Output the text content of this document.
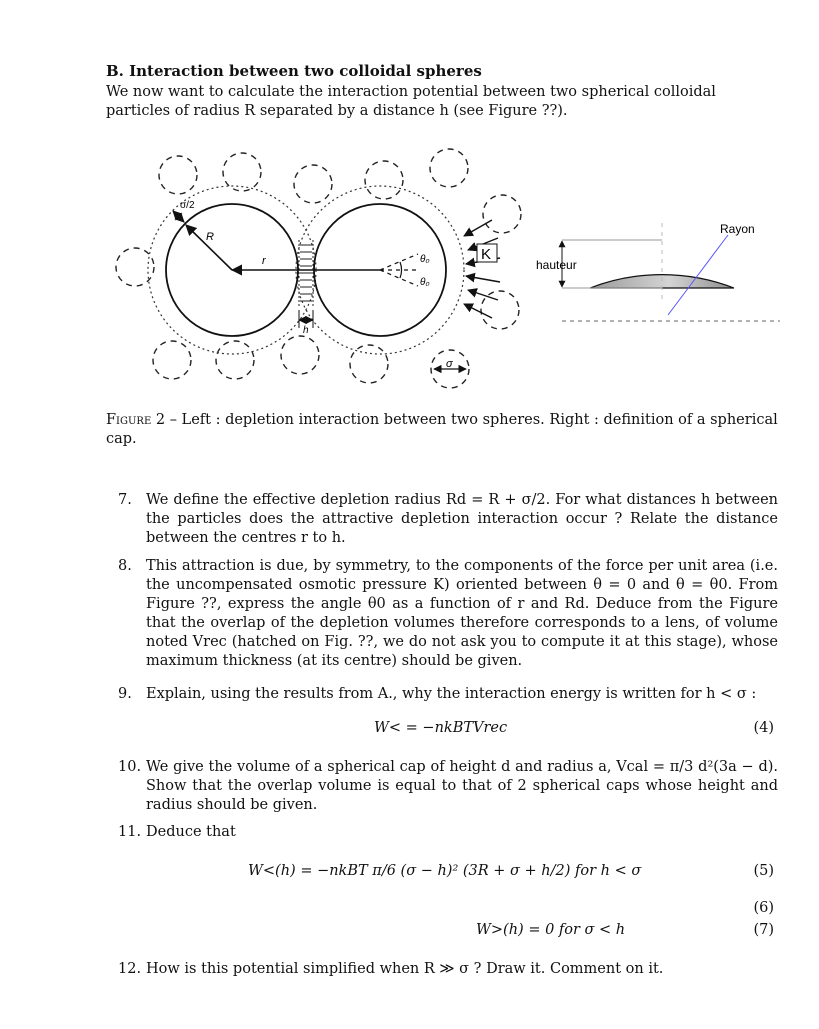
B. Interaction between two colloidal spheres
We now want to calculate the interaction potential between two spherical colloidal particles of radius R separated by a distance h (see Figure ??).
σ/2
R
r	θ₀
θ₀
K
h
σ
Rayon
hauteur
Figure 2 – Left : depletion interaction between two spheres. Right : definition of a spherical cap.
7. We define the effective depletion radius Rd = R + σ/2. For what distances h between the particles does the attractive depletion interaction occur ? Relate the distance between the centres r to h.
8. This attraction is due, by symmetry, to the components of the force per unit area (i.e. the uncompensated osmotic pressure K) oriented between θ = 0 and θ = θ0. From Figure ??, express the angle θ0 as a function of r and Rd. Deduce from the Figure that the overlap of the depletion volumes therefore corresponds to a lens, of volume noted Vrec (hatched on Fig. ??, we do not ask you to compute it at this stage), whose maximum thickness (at its centre) should be given.
9. Explain, using the results from A., why the interaction energy is written for h < σ :
W< = −nkBTVrec	(4)
10. We give the volume of a spherical cap of height d and radius a, Vcal = π/3 d²(3a − d). Show that the overlap volume is equal to that of 2 spherical caps whose height and radius should be given.
11. Deduce that
W<(h) = −nkBT π/6 (σ − h)² (3R + σ + h/2) for h < σ	(5)
(6)
W>(h) = 0 for σ < h	(7)
12. How is this potential simplified when R ≫ σ ? Draw it. Comment on it.
